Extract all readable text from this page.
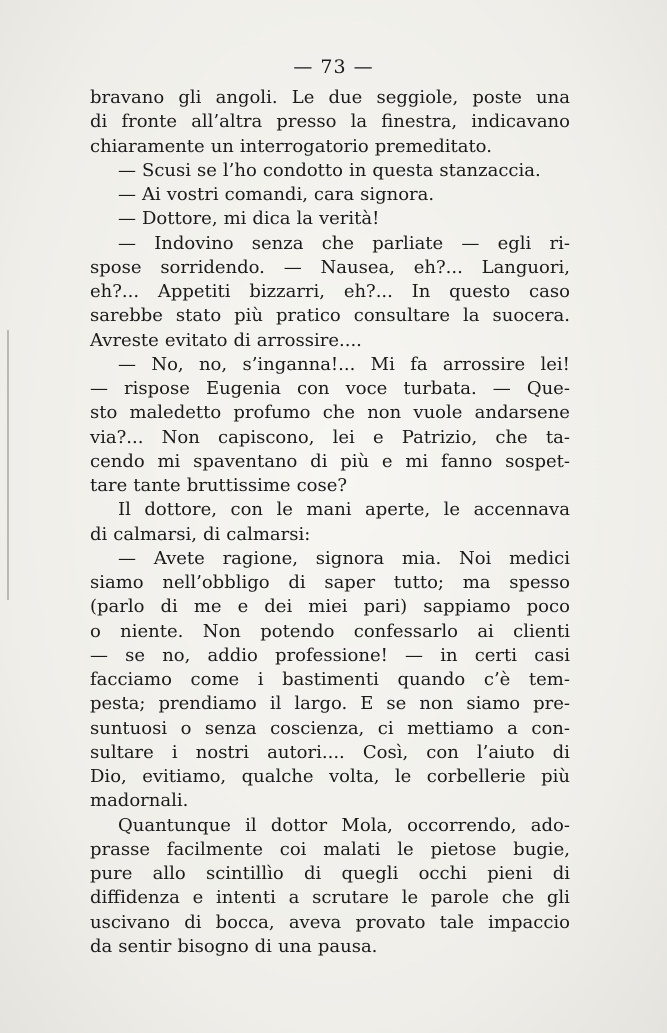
— 73 —
bravano gli angoli. Le due seggiole, poste una
di fronte all’altra presso la finestra, indicavano
chiaramente un interrogatorio premeditato.
— Scusi se l’ho condotto in questa stanzaccia.
— Ai vostri comandi, cara signora.
— Dottore, mi dica la verità!
— Indovino senza che parliate — egli ri-
spose sorridendo. — Nausea, eh?... Languori,
eh?... Appetiti bizzarri, eh?... In questo caso
sarebbe stato più pratico consultare la suocera.
Avreste evitato di arrossire....
— No, no, s’inganna!... Mi fa arrossire lei!
— rispose Eugenia con voce turbata. — Que-
sto maledetto profumo che non vuole andarsene
via?... Non capiscono, lei e Patrizio, che ta-
cendo mi spaventano di più e mi fanno sospet-
tare tante bruttissime cose?
Il dottore, con le mani aperte, le accennava
di calmarsi, di calmarsi:
— Avete ragione, signora mia. Noi medici
siamo nell’obbligo di saper tutto; ma spesso
(parlo di me e dei miei pari) sappiamo poco
o niente. Non potendo confessarlo ai clienti
— se no, addio professione! — in certi casi
facciamo come i bastimenti quando c’è tem-
pesta; prendiamo il largo. E se non siamo pre-
suntuosi o senza coscienza, ci mettiamo a con-
sultare i nostri autori.... Così, con l’aiuto di
Dio, evitiamo, qualche volta, le corbellerie più
madornali.
Quantunque il dottor Mola, occorrendo, ado-
prasse facilmente coi malati le pietose bugie,
pure allo scintillìo di quegli occhi pieni di
diffidenza e intenti a scrutare le parole che gli
uscivano di bocca, aveva provato tale impaccio
da sentir bisogno di una pausa.
